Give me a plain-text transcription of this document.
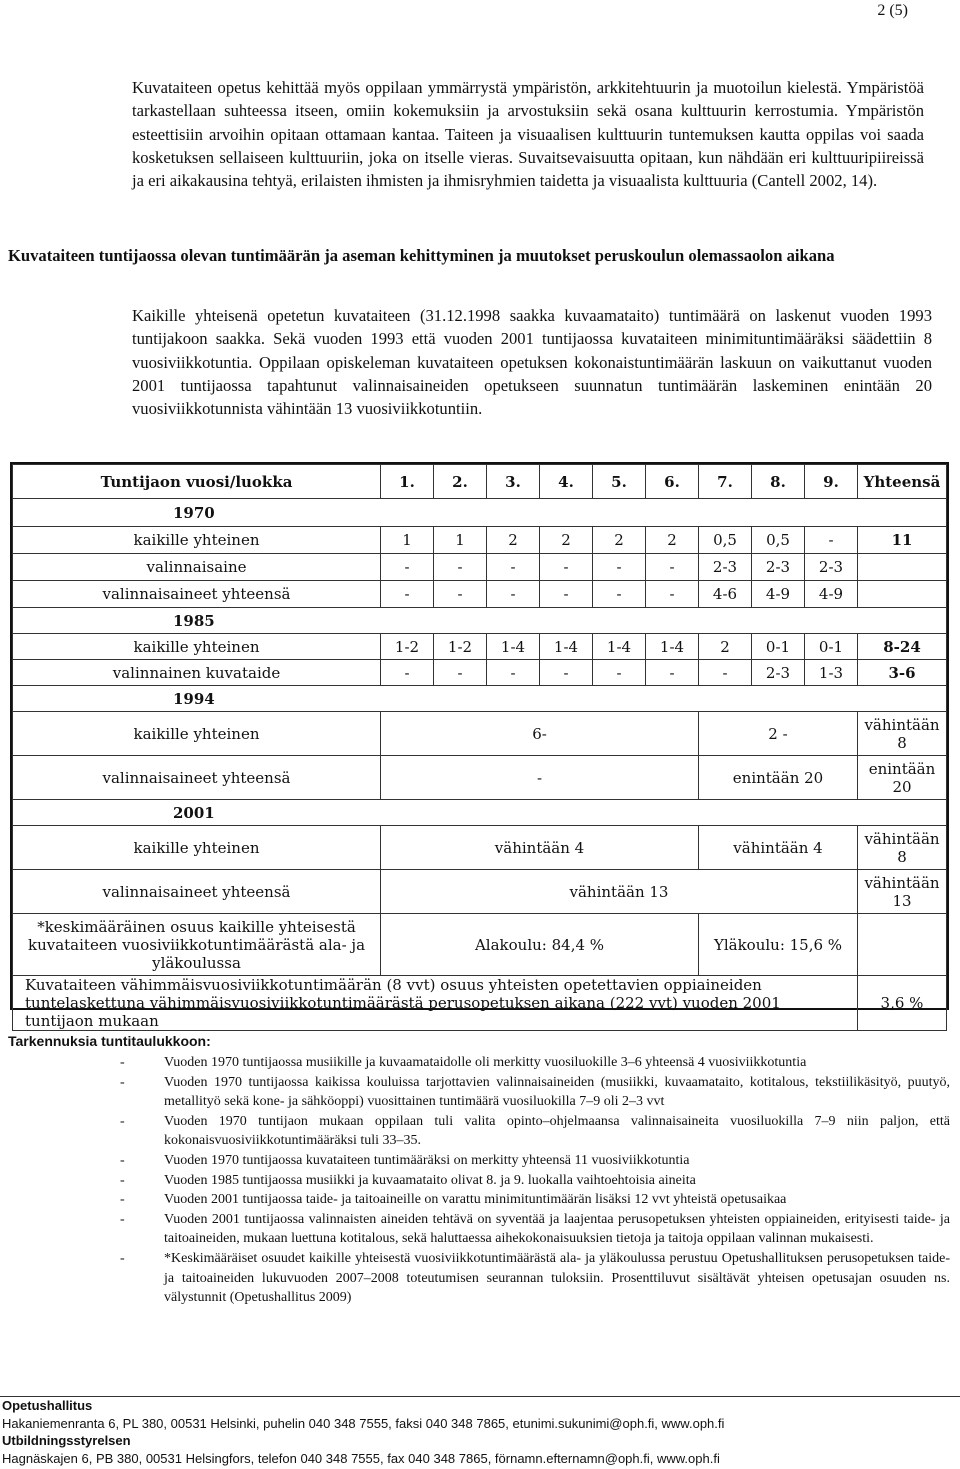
2 (5)

Kuvataiteen opetus kehittää myös oppilaan ymmärrystä ympäristön, arkkitehtuurin ja muotoilun kielestä. Ympäristöä tarkastellaan suhteessa itseen, omiin kokemuksiin ja arvostuksiin sekä osana kulttuurin kerrostumia. Ympäristön esteettisiin arvoihin opitaan ottamaan kantaa. Taiteen ja visuaalisen kulttuurin tuntemuksen kautta oppilas voi saada kosketuksen sellaiseen kulttuuriin, joka on itselle vieras. Suvaitsevaisuutta opitaan, kun nähdään eri kulttuuripiireissä ja eri aikakausina tehtyä, erilaisten ihmisten ja ihmisryhmien taidetta ja visuaalista kulttuuria (Cantell 2002, 14).

Kuvataiteen tuntijaossa olevan tuntimäärän ja aseman kehittyminen ja muutokset peruskoulun olemassaolon aikana

Kaikille yhteisenä opetetun kuvataiteen (31.12.1998 saakka kuvaamataito) tuntimäärä on laskenut vuoden 1993 tuntijakoon saakka. Sekä vuoden 1993 että vuoden 2001 tuntijaossa kuvataiteen minimituntimääräksi säädettiin 8 vuosiviikkotuntia. Oppilaan opiskeleman kuvataiteen opetuksen kokonaistuntimäärän laskuun on vaikuttanut vuoden 2001 tuntijaossa tapahtunut valinnaisaineiden opetukseen suunnatun tuntimäärän laskeminen enintään 20 vuosiviikkotunnista vähintään 13 vuosiviikkotuntiin.

Tuntijaon vuosi/luokka	1.	2.	3.	4.	5.	6.	7.	8.	9.	Yhteensä
1970										
kaikille yhteinen	1	1	2	2	2	2	0,5	0,5	-	11
valinnaisaine	-	-	-	-	-	-	2-3	2-3	2-3	
valinnaisaineet yhteensä	-	-	-	-	-	-	4-6	4-9	4-9	
1985										
kaikille yhteinen	1-2	1-2	1-4	1-4	1-4	1-4	2	0-1	0-1	8-24
valinnainen kuvataide	-	-	-	-	-	-	-	2-3	1-3	3-6
1994										
kaikille yhteinen	6-						2 -			vähintään 8
valinnaisaineet yhteensä	-						enintään 20			enintään 20
2001										
kaikille yhteinen	vähintään 4						vähintään 4			vähintään 8
valinnaisaineet yhteensä	vähintään 13									vähintään 13
*keskimääräinen osuus kaikille yhteisestä kuvataiteen vuosiviikkotuntimäärästä ala- ja yläkoulussa	Alakoulu: 84,4 %						Yläkoulu: 15,6 %			
Kuvataiteen vähimmäisvuosiviikkotuntimäärän (8 vvt) osuus yhteisten opetettavien oppiaineiden tuntelaskettuna vähimmäisvuosiviikkotuntimäärästä perusopetuksen aikana (222 vvt) vuoden 2001 tuntijaon mukaan										3,6 %
Tarkennuksia tuntitaulukkoon:
-	Vuoden 1970 tuntijaossa musiikille ja kuvaamataidolle oli merkitty vuosiluokille 3–6 yhteensä 4 vuosiviikkotuntia
-	Vuoden 1970 tuntijaossa kaikissa kouluissa tarjottavien valinnaisaineiden (musiikki, kuvaamataito, kotitalous, tekstiilikäsityö, puutyö, metallityö sekä kone- ja sähköoppi) vuosittainen tuntimäärä vuosiluokilla 7–9 oli 2–3 vvt
-	Vuoden 1970 tuntijaon mukaan oppilaan tuli valita opinto–ohjelmaansa valinnaisaineita vuosiluokilla 7–9 niin paljon, että kokonaisvuosiviikkotuntimääräksi tuli 33–35.
-	Vuoden 1970 tuntijaossa kuvataiteen tuntimääräksi on merkitty yhteensä 11 vuosiviikkotuntia
-	Vuoden 1985 tuntijaossa musiikki ja kuvaamataito olivat 8. ja 9. luokalla vaihtoehtoisia aineita
-	Vuoden 2001 tuntijaossa taide- ja taitoaineille on varattu minimituntimäärän lisäksi 12 vvt yhteistä opetusaikaa
-	Vuoden 2001 tuntijaossa valinnaisten aineiden tehtävä on syventää ja laajentaa perusopetuksen yhteisten oppiaineiden, erityisesti taide- ja taitoaineiden, mukaan luettuna kotitalous, sekä haluttaessa aihekokonaisuuksien tietoja ja taitoja oppilaan valinnan mukaisesti.
-	*Keskimääräiset osuudet kaikille yhteisestä vuosiviikkotuntimäärästä ala- ja yläkoulussa perustuu Opetushallituksen perusopetuksen taide- ja taitoaineiden lukuvuoden 2007–2008 toteutumisen seurannan tuloksiin. Prosenttiluvut sisältävät yhteisen opetusajan osuuden ns. välystunnit (Opetushallitus 2009)
Opetushallitus
Hakaniemenranta 6, PL 380, 00531 Helsinki, puhelin 040 348 7555, faksi 040 348 7865, etunimi.sukunimi@oph.fi, www.oph.fi
Utbildningsstyrelsen
Hagnäskajen 6, PB 380, 00531 Helsingfors, telefon 040 348 7555, fax 040 348 7865, förnamn.efternamn@oph.fi, www.oph.fi
